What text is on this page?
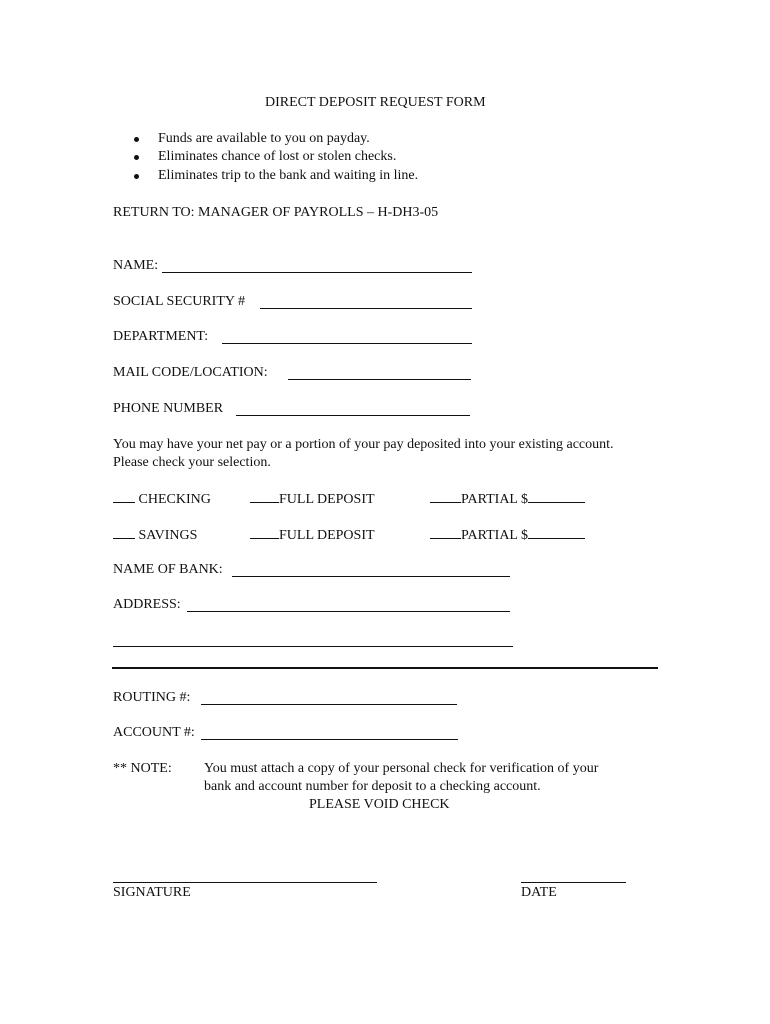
DIRECT DEPOSIT REQUEST FORM
Funds are available to you on payday.
Eliminates chance of lost or stolen checks.
Eliminates trip to the bank and waiting in line.
RETURN TO: MANAGER OF PAYROLLS – H-DH3-05
NAME:
SOCIAL SECURITY #
DEPARTMENT:
MAIL CODE/LOCATION:
PHONE NUMBER
You may have your net pay or a portion of your pay deposited into your existing account.
Please check your selection.
CHECKING	FULL DEPOSIT	PARTIAL $
SAVINGS	FULL DEPOSIT	PARTIAL $
NAME OF BANK:
ADDRESS:
ROUTING #:
ACCOUNT #:
** NOTE: You must attach a copy of your personal check for verification of your
bank and account number for deposit to a checking account.
PLEASE VOID CHECK
SIGNATURE	DATE
